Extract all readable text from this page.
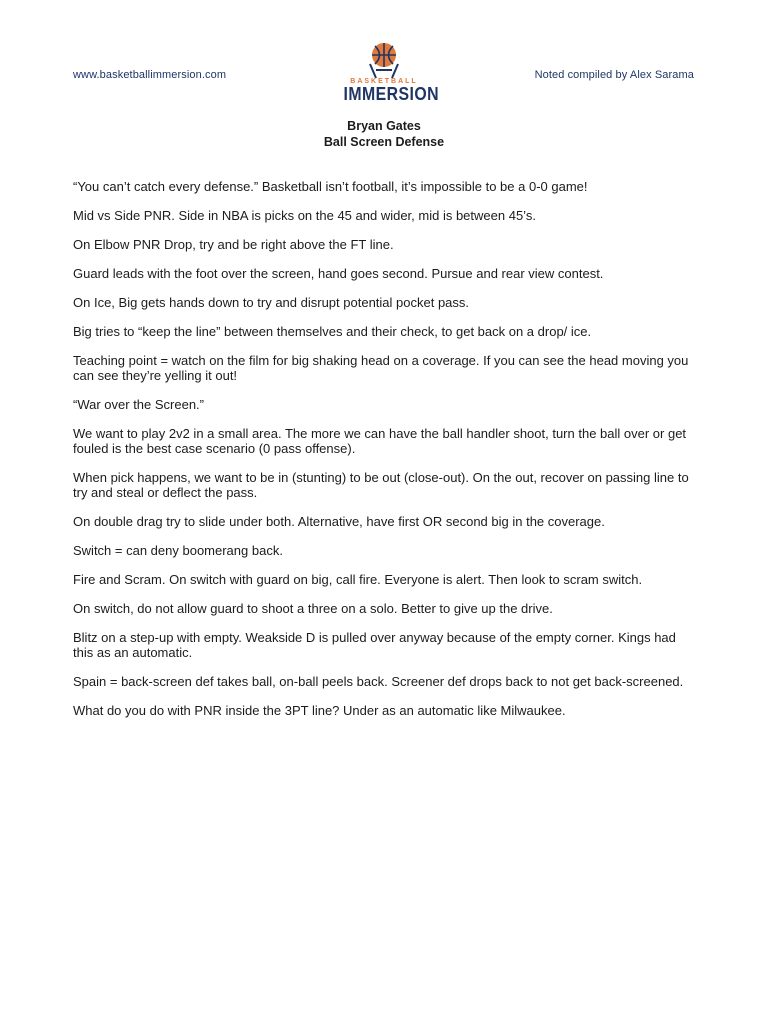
www.basketballimmersion.com
BASKETBALL
IMMERSION
Noted compiled by Alex Sarama
Bryan Gates
Ball Screen Defense

“You can’t catch every defense.” Basketball isn’t football, it’s impossible to be a 0-0 game!

Mid vs Side PNR. Side in NBA is picks on the 45 and wider, mid is between 45’s.

On Elbow PNR Drop, try and be right above the FT line.

Guard leads with the foot over the screen, hand goes second. Pursue and rear view contest.

On Ice, Big gets hands down to try and disrupt potential pocket pass.

Big tries to “keep the line” between themselves and their check, to get back on a drop/ ice.

Teaching point = watch on the film for big shaking head on a coverage. If you can see the head moving you can see they’re yelling it out!

“War over the Screen.”

We want to play 2v2 in a small area. The more we can have the ball handler shoot, turn the ball over or get fouled is the best case scenario (0 pass offense).

When pick happens, we want to be in (stunting) to be out (close-out). On the out, recover on passing line to try and steal or deflect the pass.

On double drag try to slide under both. Alternative, have first OR second big in the coverage.

Switch = can deny boomerang back.

Fire and Scram. On switch with guard on big, call fire. Everyone is alert. Then look to scram switch.

On switch, do not allow guard to shoot a three on a solo. Better to give up the drive.

Blitz on a step-up with empty. Weakside D is pulled over anyway because of the empty corner. Kings had this as an automatic.

Spain = back-screen def takes ball, on-ball peels back. Screener def drops back to not get back-screened.

What do you do with PNR inside the 3PT line? Under as an automatic like Milwaukee.
